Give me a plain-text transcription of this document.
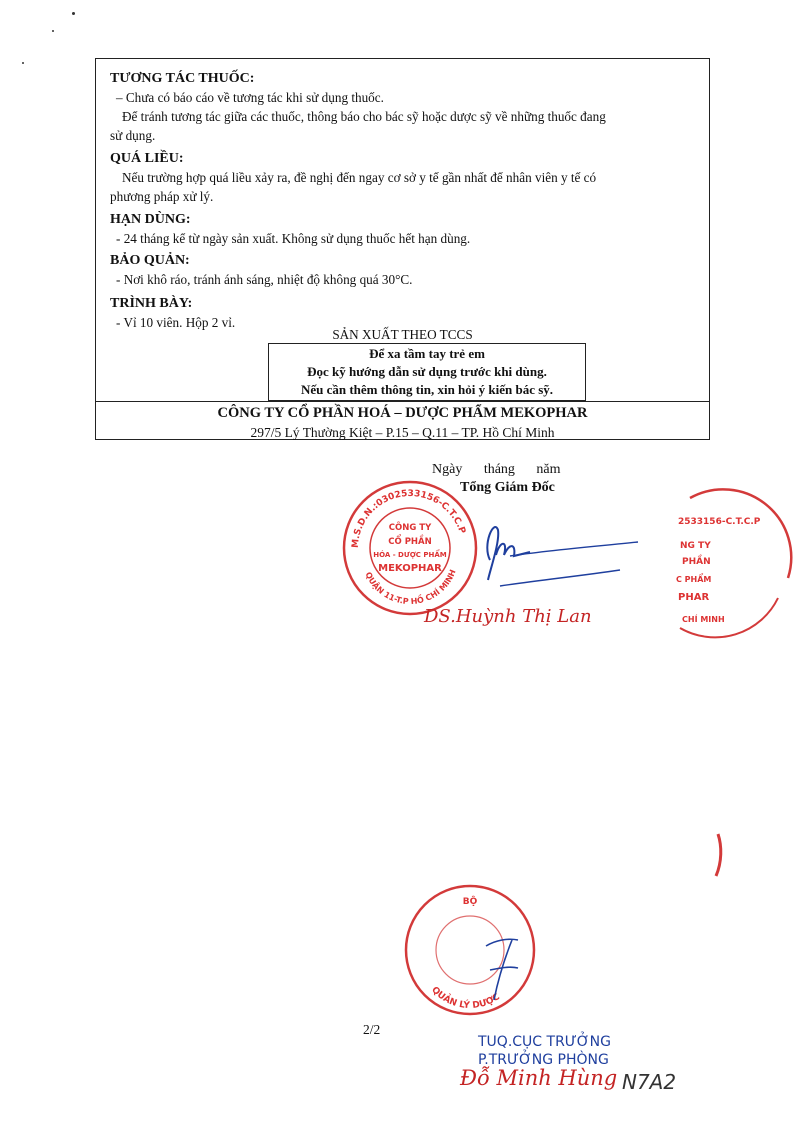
TƯƠNG TÁC THUỐC:
– Chưa có báo cáo về tương tác khi sử dụng thuốc.
Để tránh tương tác giữa các thuốc, thông báo cho bác sỹ hoặc dược sỹ về những thuốc đang
sử dụng.
QUÁ LIỀU:
Nếu trường hợp quá liều xảy ra, đề nghị đến ngay cơ sở y tế gần nhất để nhân viên y tế có
phương pháp xử lý.
HẠN DÙNG:
- 24 tháng kể từ ngày sản xuất. Không sử dụng thuốc hết hạn dùng.
BẢO QUẢN:
- Nơi khô ráo, tránh ánh sáng, nhiệt độ không quá 30°C.
TRÌNH BÀY:
- Vỉ 10 viên. Hộp 2 vỉ.
SẢN XUẤT THEO TCCS
Để xa tầm tay trẻ em
Đọc kỹ hướng dẫn sử dụng trước khi dùng.
Nếu cần thêm thông tin, xin hỏi ý kiến bác sỹ.
CÔNG TY CỔ PHẦN HOÁ – DƯỢC PHẨM MEKOPHAR
297/5 Lý Thường Kiệt – P.15 – Q.11 – TP. Hồ Chí Minh
Ngày tháng năm
Tổng Giám Đốc
M.S.D.N.:0302533156-C.T.C.P
QUẬN 11-T.P HỒ CHÍ MINH
CÔNG TY
CỔ PHẦN
HÓA - DƯỢC PHẨM
MEKOPHAR
DS.Huỳnh Thị Lan
2533156-C.T.C.P
NG TY
PHẦN
C PHẨM
PHAR
CHÍ MINH
BỘ
QUẢN LÝ DƯỢC
2/2
TUQ.CỤC TRƯỞNG
P.TRƯỞNG PHÒNG
Đỗ Minh Hùng N7A2
